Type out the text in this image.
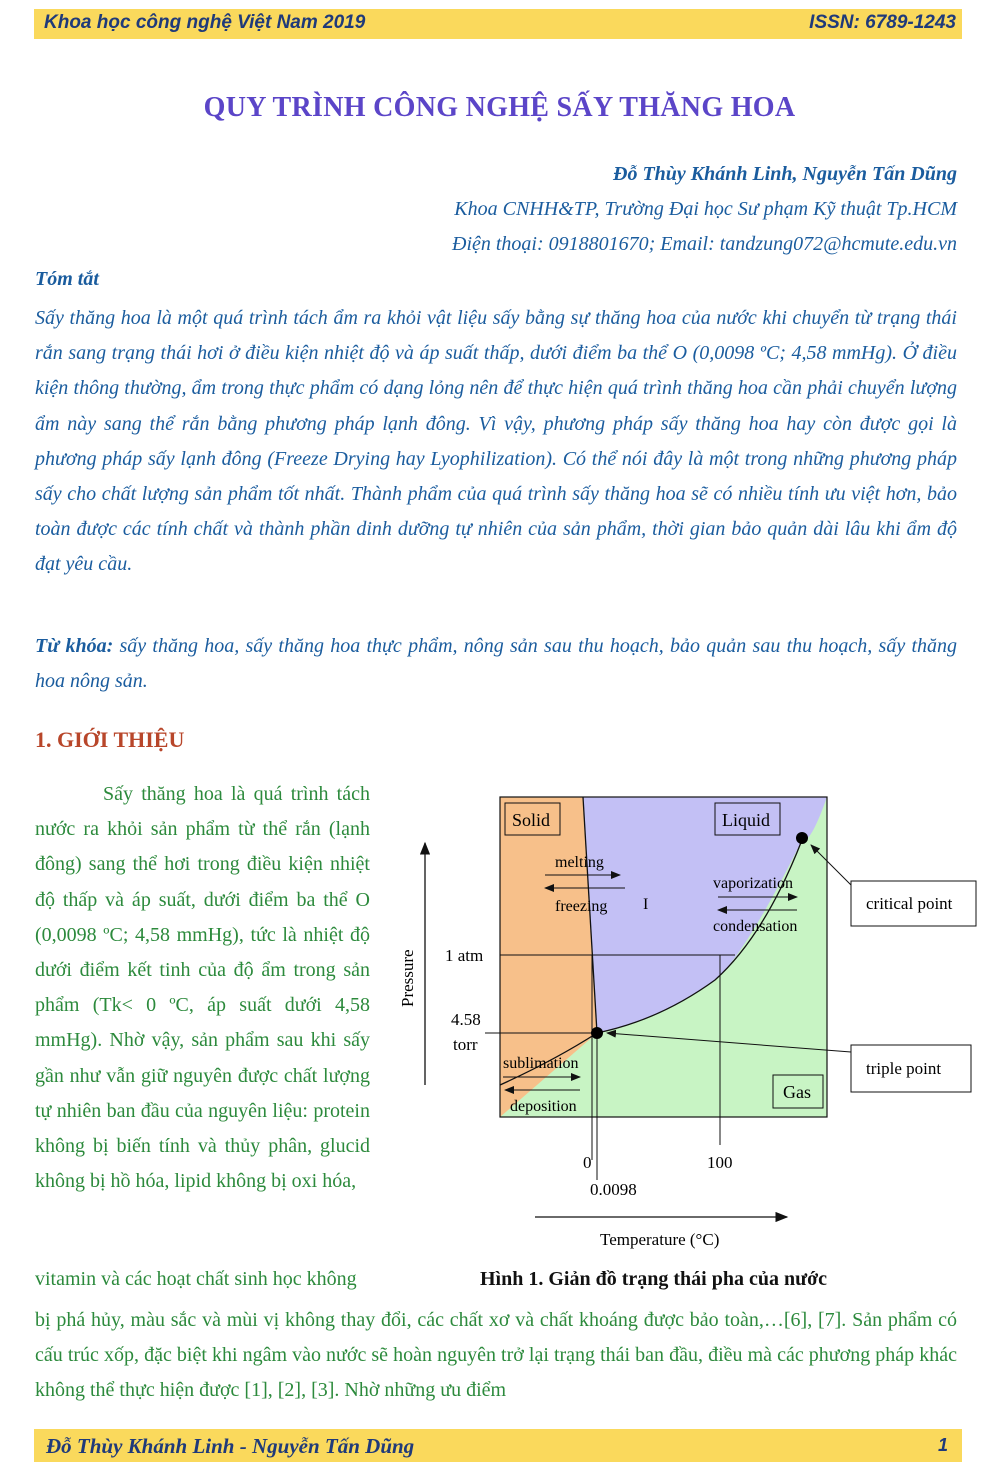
Khoa học công nghệ Việt Nam 2019	ISSN: 6789-1243
QUY TRÌNH CÔNG NGHỆ SẤY THĂNG HOA
Đỗ Thùy Khánh Linh, Nguyễn Tấn Dũng
Khoa CNHH&TP, Trường Đại học Sư phạm Kỹ thuật Tp.HCM
Điện thoại: 0918801670; Email: tandzung072@hcmute.edu.vn
Tóm tắt
Sấy thăng hoa là một quá trình tách ẩm ra khỏi vật liệu sấy bằng sự thăng hoa của nước khi chuyển từ trạng thái rắn sang trạng thái hơi ở điều kiện nhiệt độ và áp suất thấp, dưới điểm ba thể O (0,0098 ºC; 4,58 mmHg). Ở điều kiện thông thường, ẩm trong thực phẩm có dạng lỏng nên để thực hiện quá trình thăng hoa cần phải chuyển lượng ẩm này sang thể rắn bằng phương pháp lạnh đông. Vì vậy, phương pháp sấy thăng hoa hay còn được gọi là phương pháp sấy lạnh đông (Freeze Drying hay Lyophilization). Có thể nói đây là một trong những phương pháp sấy cho chất lượng sản phẩm tốt nhất. Thành phẩm của quá trình sấy thăng hoa sẽ có nhiều tính ưu việt hơn, bảo toàn được các tính chất và thành phần dinh dưỡng tự nhiên của sản phẩm, thời gian bảo quản dài lâu khi ẩm độ đạt yêu cầu.
Từ khóa: sấy thăng hoa, sấy thăng hoa thực phẩm, nông sản sau thu hoạch, bảo quản sau thu hoạch, sấy thăng hoa nông sản.
1. GIỚI THIỆU

Sấy thăng hoa là quá trình tách nước ra khỏi sản phẩm từ thể rắn (lạnh đông) sang thể hơi trong điều kiện nhiệt độ thấp và áp suất, dưới điểm ba thể O (0,0098 ºC; 4,58 mmHg), tức là nhiệt độ dưới điểm kết tinh của độ ẩm trong sản phẩm (Tk< 0 ºC, áp suất dưới 4,58 mmHg). Nhờ vậy, sản phẩm sau khi sấy gần như vẫn giữ nguyên được chất lượng tự nhiên ban đầu của nguyên liệu: protein không bị biến tính và thủy phân, glucid không bị hồ hóa, lipid không bị oxi hóa,

vitamin và các hoạt chất sinh học không
Solid	Liquid
Gas
melting
freezing I
vaporization
condensation
sublimation
deposition
critical point
triple point
Pressure 1 atm
4.58
torr
0	100
0.0098
Temperature (°C)
Hình 1. Giản đồ trạng thái pha của nước
bị phá hủy, màu sắc và mùi vị không thay đổi, các chất xơ và chất khoáng được bảo toàn,…[6], [7]. Sản phẩm có cấu trúc xốp, đặc biệt khi ngâm vào nước sẽ hoàn nguyên trở lại trạng thái ban đầu, điều mà các phương pháp khác không thể thực hiện được [1], [2], [3]. Nhờ những ưu điểm
Đỗ Thùy Khánh Linh - Nguyễn Tấn Dũng	1
